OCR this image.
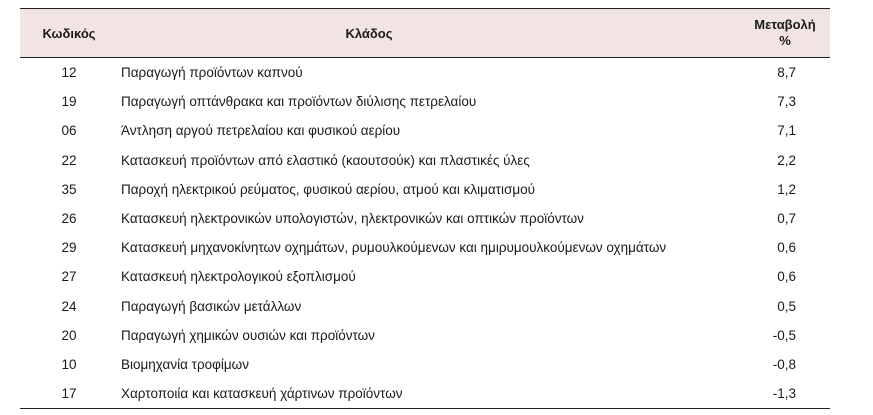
Κωδικός	Κλάδος	Μεταβολή
%
12	Παραγωγή προϊόντων καπνού	8,7
19	Παραγωγή οπτάνθρακα και προϊόντων διύλισης πετρελαίου	7,3
06	Άντληση αργού πετρελαίου και φυσικού αερίου	7,1
22	Κατασκευή προϊόντων από ελαστικό (καουτσούκ) και πλαστικές ύλες	2,2
35	Παροχή ηλεκτρικού ρεύματος, φυσικού αερίου, ατμού και κλιματισμού	1,2
26	Κατασκευή ηλεκτρονικών υπολογιστών, ηλεκτρονικών και οπτικών προϊόντων	0,7
29	Κατασκευή μηχανοκίνητων οχημάτων, ρυμουλκούμενων και ημιρυμουλκούμενων οχημάτων	0,6
27	Κατασκευή ηλεκτρολογικού εξοπλισμού	0,6
24	Παραγωγή βασικών μετάλλων	0,5
20	Παραγωγή χημικών ουσιών και προϊόντων	-0,5
10	Βιομηχανία τροφίμων	-0,8
17	Χαρτοποιία και κατασκευή χάρτινων προϊόντων	-1,3
